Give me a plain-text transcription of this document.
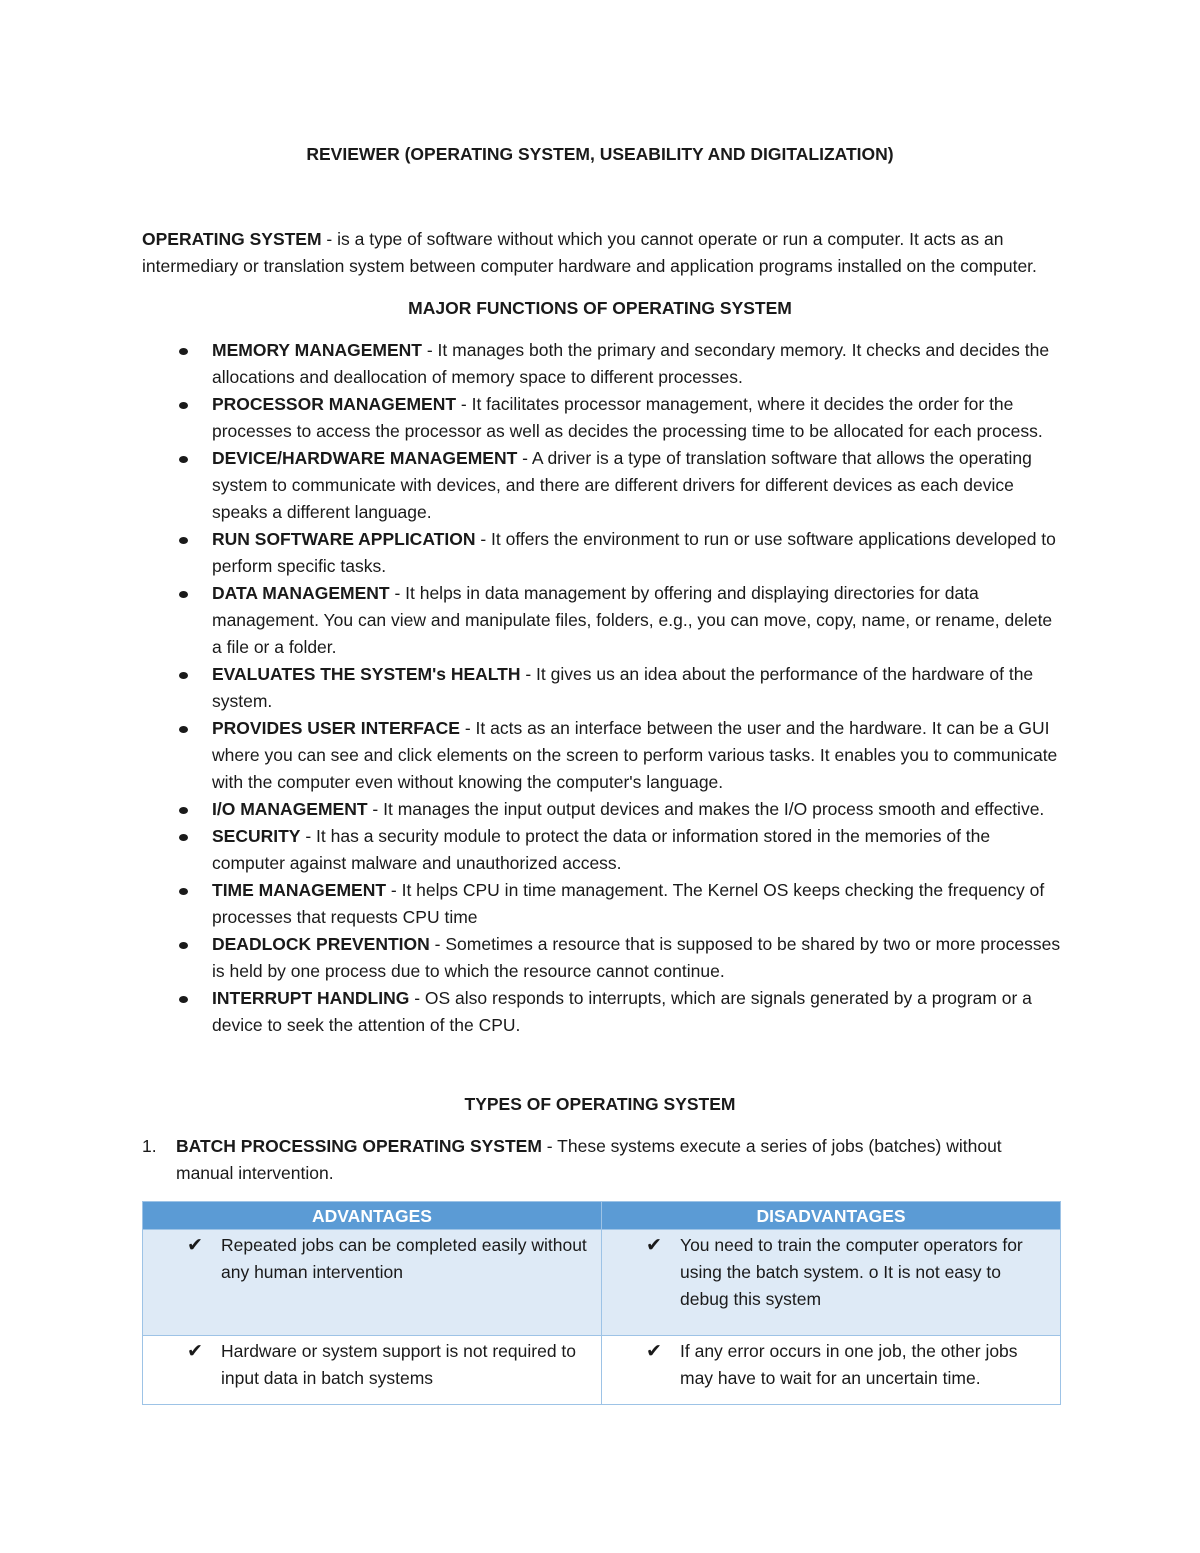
REVIEWER (OPERATING SYSTEM, USEABILITY AND DIGITALIZATION)

OPERATING SYSTEM - is a type of software without which you cannot operate or run a computer. It acts as an intermediary or translation system between computer hardware and application programs installed on the computer.

MAJOR FUNCTIONS OF OPERATING SYSTEM
MEMORY MANAGEMENT - It manages both the primary and secondary memory. It checks and decides the allocations and deallocation of memory space to different processes.
PROCESSOR MANAGEMENT - It facilitates processor management, where it decides the order for the processes to access the processor as well as decides the processing time to be allocated for each process.
DEVICE/HARDWARE MANAGEMENT - A driver is a type of translation software that allows the operating system to communicate with devices, and there are different drivers for different devices as each device speaks a different language.
RUN SOFTWARE APPLICATION - It offers the environment to run or use software applications developed to perform specific tasks.
DATA MANAGEMENT - It helps in data management by offering and displaying directories for data management. You can view and manipulate files, folders, e.g., you can move, copy, name, or rename, delete a file or a folder.
EVALUATES THE SYSTEM's HEALTH - It gives us an idea about the performance of the hardware of the system.
PROVIDES USER INTERFACE - It acts as an interface between the user and the hardware. It can be a GUI where you can see and click elements on the screen to perform various tasks. It enables you to communicate with the computer even without knowing the computer's language.
I/O MANAGEMENT - It manages the input output devices and makes the I/O process smooth and effective.
SECURITY - It has a security module to protect the data or information stored in the memories of the computer against malware and unauthorized access.
TIME MANAGEMENT - It helps CPU in time management. The Kernel OS keeps checking the frequency of processes that requests CPU time
DEADLOCK PREVENTION - Sometimes a resource that is supposed to be shared by two or more processes is held by one process due to which the resource cannot continue.
INTERRUPT HANDLING - OS also responds to interrupts, which are signals generated by a program or a device to seek the attention of the CPU.
TYPES OF OPERATING SYSTEM
1. BATCH PROCESSING OPERATING SYSTEM - These systems execute a series of jobs (batches) without manual intervention.
ADVANTAGES	DISADVANTAGES

✔ Repeated jobs can be completed easily without any human intervention	✔ You need to train the computer operators for using the batch system. o It is not easy to debug this system

✔ Hardware or system support is not required to input data in batch systems	✔ If any error occurs in one job, the other jobs may have to wait for an uncertain time.
